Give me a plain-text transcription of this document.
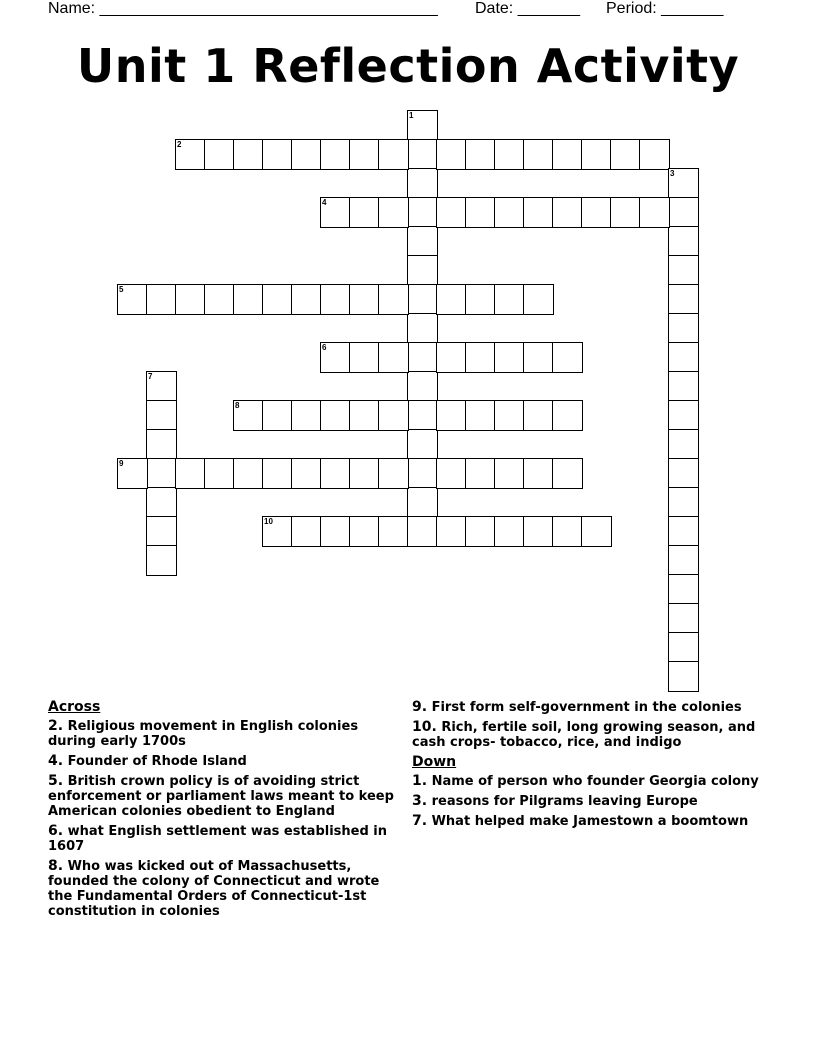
Name: ______________________________________ Date: _______ Period: _______
Unit 1 Reflection Activity
1
2
3
4
5
6
7
8
9
10
Across
2. Religious movement in English colonies during early 1700s
4. Founder of Rhode Island
5. British crown policy is of avoiding strict enforcement or parliament laws meant to keep American colonies obedient to England
6. what English settlement was established in 1607
8. Who was kicked out of Massachusetts, founded the colony of Connecticut and wrote the Fundamental Orders of Connecticut-1st constitution in colonies
9. First form self-government in the colonies
10. Rich, fertile soil, long growing season, and cash crops- tobacco, rice, and indigo
Down
1. Name of person who founder Georgia colony
3. reasons for Pilgrams leaving Europe
7. What helped make Jamestown a boomtown
